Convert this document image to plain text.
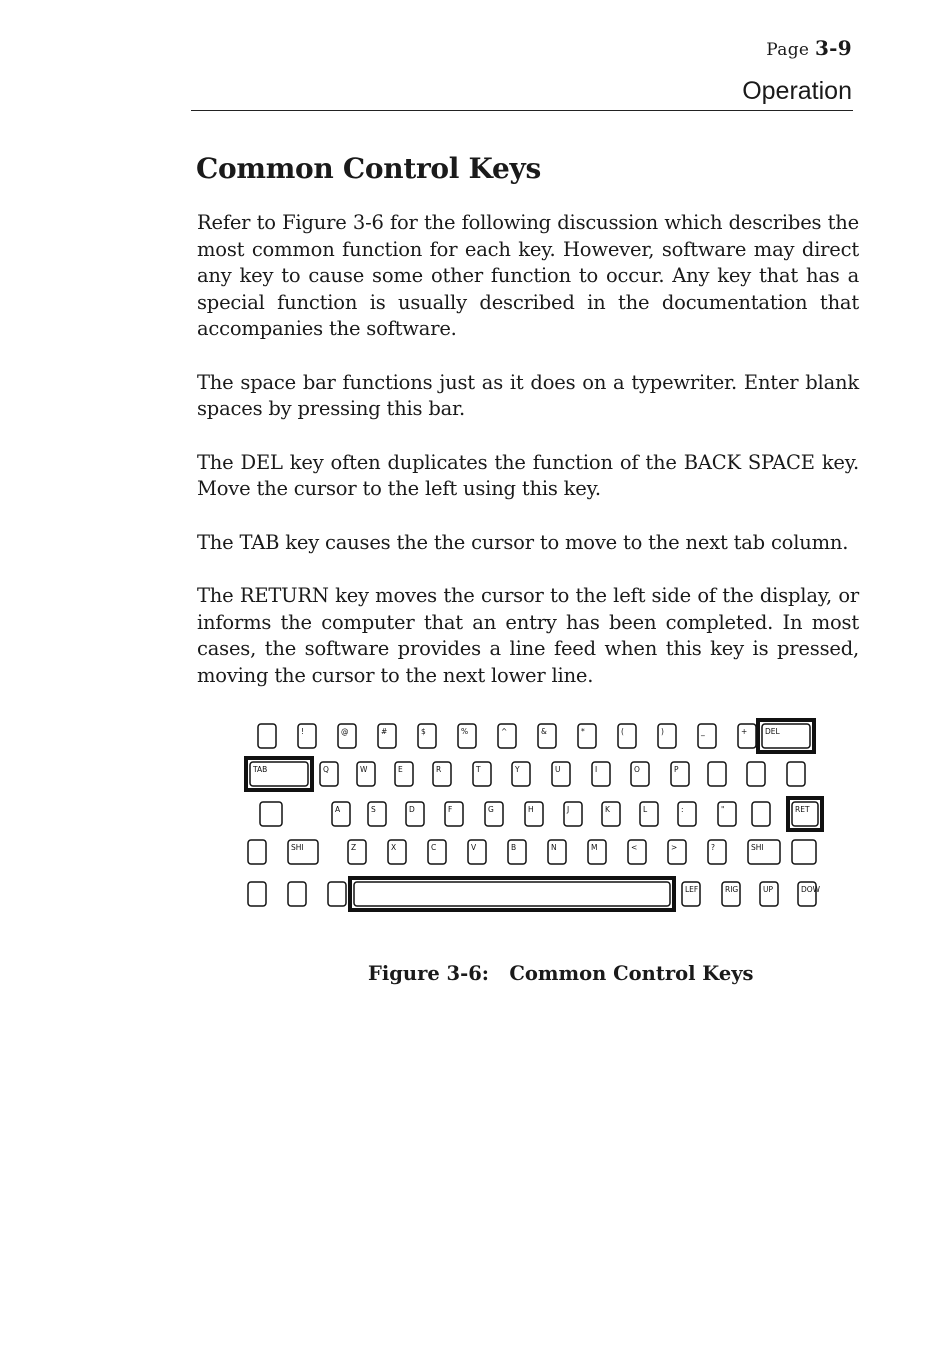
Page 3-9
Operation
Common Control Keys

Refer to Figure 3-6 for the following discussion which describes the most common function for each key. However, software may direct any key to cause some other function to occur. Any key that has a special function is usually described in the documentation that accompanies the software.

The space bar functions just as it does on a typewriter. Enter blank spaces by pressing this bar.

The DEL key often duplicates the function of the BACK SPACE key. Move the cursor to the left using this key.

The TAB key causes the the cursor to move to the next tab column.

The RETURN key moves the cursor to the left side of the display, or informs the computer that an entry has been completed. In most cases, the software provides a line feed when this key is pressed, moving the cursor to the next lower line.

!	@	#	$	%	^	&	*	(	)	_	+ DEL
TAB	Q	W	E	R	T	Y	U	I	O	P
A	S	D	F	G	H	J	K	L	:	"	RET
SHI	Z	X	C	V	B	N	M	<	>	?	SHI
LEF	RIG	UP	DOW
Figure 3-6: Common Control Keys
